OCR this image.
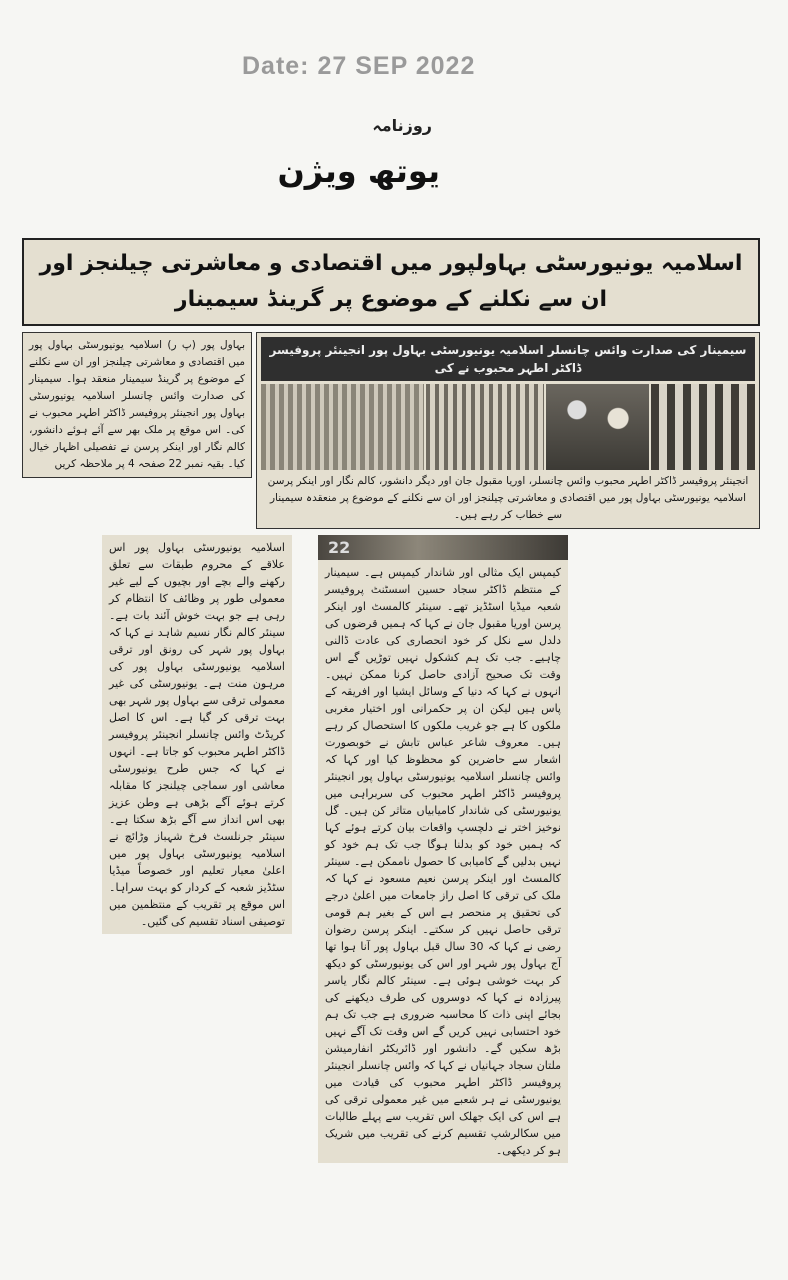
Date: 27 SEP 2022
روزنامہ
یوتھ ویژن
اسلامیہ یونیورسٹی بہاولپور میں اقتصادی و معاشرتی چیلنجز اور ان سے نکلنے کے موضوع پر گرینڈ سیمینار
بہاول پور (پ ر) اسلامیہ یونیورسٹی بہاول پور میں اقتصادی و معاشرتی چیلنجز اور ان سے نکلنے کے موضوع پر گرینڈ سیمینار منعقد ہوا۔ سیمینار کی صدارت وائس چانسلر اسلامیہ یونیورسٹی بہاول پور انجینئر پروفیسر ڈاکٹر اطہر محبوب نے کی۔ اس موقع پر ملک بھر سے آئے ہوئے دانشور، کالم نگار اور اینکر پرسن نے تفصیلی اظہار خیال کیا۔ بقیہ نمبر 22 صفحہ 4 پر ملاحظہ کریں
سیمینار کی صدارت وائس چانسلر اسلامیہ یونیورسٹی بہاول پور انجینئر پروفیسر ڈاکٹر اطہر محبوب نے کی
انجینئر پروفیسر ڈاکٹر اطہر محبوب وائس چانسلر، اوریا مقبول جان اور دیگر دانشور، کالم نگار اور اینکر پرسن اسلامیہ یونیورسٹی بہاول پور میں اقتصادی و معاشرتی چیلنجز اور ان سے نکلنے کے موضوع پر منعقدہ سیمینار سے خطاب کر رہے ہیں۔
اسلامیہ یونیورسٹی بہاول پور اس علاقے کے محروم طبقات سے تعلق رکھنے والے بچے اور بچیوں کے لیے غیر معمولی طور پر وظائف کا انتظام کر رہی ہے جو بہت خوش آئند بات ہے۔ سینئر کالم نگار نسیم شاہد نے کہا کہ بہاول پور شہر کی رونق اور ترقی اسلامیہ یونیورسٹی بہاول پور کی مرہون منت ہے۔ یونیورسٹی کی غیر معمولی ترقی سے بہاول پور شہر بھی بہت ترقی کر گیا ہے۔ اس کا اصل کریڈٹ وائس چانسلر انجینئر پروفیسر ڈاکٹر اطہر محبوب کو جاتا ہے۔ انہوں نے کہا کہ جس طرح یونیورسٹی معاشی اور سماجی چیلنجز کا مقابلہ کرتے ہوئے آگے بڑھی ہے وطن عزیز بھی اس انداز سے آگے بڑھ سکتا ہے۔ سینئر جرنلسٹ فرخ شہباز وڑائچ نے اسلامیہ یونیورسٹی بہاول پور میں اعلیٰ معیار تعلیم اور خصوصاً میڈیا سٹڈیز شعبہ کے کردار کو بہت سراہا۔ اس موقع پر تقریب کے منتظمین میں توصیفی اسناد تقسیم کی گئیں۔
22
کیمپس ایک مثالی اور شاندار کیمپس ہے۔ سیمینار کے منتظم ڈاکٹر سجاد حسین اسسٹنٹ پروفیسر شعبہ میڈیا اسٹڈیز تھے۔ سینئر کالمسٹ اور اینکر پرسن اوریا مقبول جان نے کہا کہ ہمیں قرضوں کی دلدل سے نکل کر خود انحصاری کی عادت ڈالنی چاہیے۔ جب تک ہم کشکول نہیں توڑیں گے اس وقت تک صحیح آزادی حاصل کرنا ممکن نہیں۔ انہوں نے کہا کہ دنیا کے وسائل ایشیا اور افریقہ کے پاس ہیں لیکن ان پر حکمرانی اور اختیار مغربی ملکوں کا ہے جو غریب ملکوں کا استحصال کر رہے ہیں۔ معروف شاعر عباس تابش نے خوبصورت اشعار سے حاضرین کو محظوظ کیا اور کہا کہ وائس چانسلر اسلامیہ یونیورسٹی بہاول پور انجینئر پروفیسر ڈاکٹر اطہر محبوب کی سربراہی میں یونیورسٹی کی شاندار کامیابیاں متاثر کن ہیں۔ گل نوخیز اختر نے دلچسپ واقعات بیان کرتے ہوئے کہا کہ ہمیں خود کو بدلنا ہوگا جب تک ہم خود کو نہیں بدلیں گے کامیابی کا حصول ناممکن ہے۔ سینئر کالمسٹ اور اینکر پرسن نعیم مسعود نے کہا کہ ملک کی ترقی کا اصل راز جامعات میں اعلیٰ درجے کی تحقیق پر منحصر ہے اس کے بغیر ہم قومی ترقی حاصل نہیں کر سکتے۔ اینکر پرسن رضوان رضی نے کہا کہ 30 سال قبل بہاول پور آنا ہوا تھا آج بہاول پور شہر اور اس کی یونیورسٹی کو دیکھ کر بہت خوشی ہوئی ہے۔ سینئر کالم نگار یاسر پیرزادہ نے کہا کہ دوسروں کی طرف دیکھنے کی بجائے اپنی ذات کا محاسبہ ضروری ہے جب تک ہم خود احتسابی نہیں کریں گے اس وقت تک آگے نہیں بڑھ سکیں گے۔ دانشور اور ڈائریکٹر انفارمیشن ملتان سجاد جہانیاں نے کہا کہ وائس چانسلر انجینئر پروفیسر ڈاکٹر اطہر محبوب کی قیادت میں یونیورسٹی نے ہر شعبے میں غیر معمولی ترقی کی ہے اس کی ایک جھلک اس تقریب سے پہلے طالبات میں سکالرشپ تقسیم کرنے کی تقریب میں شریک ہو کر دیکھی۔
